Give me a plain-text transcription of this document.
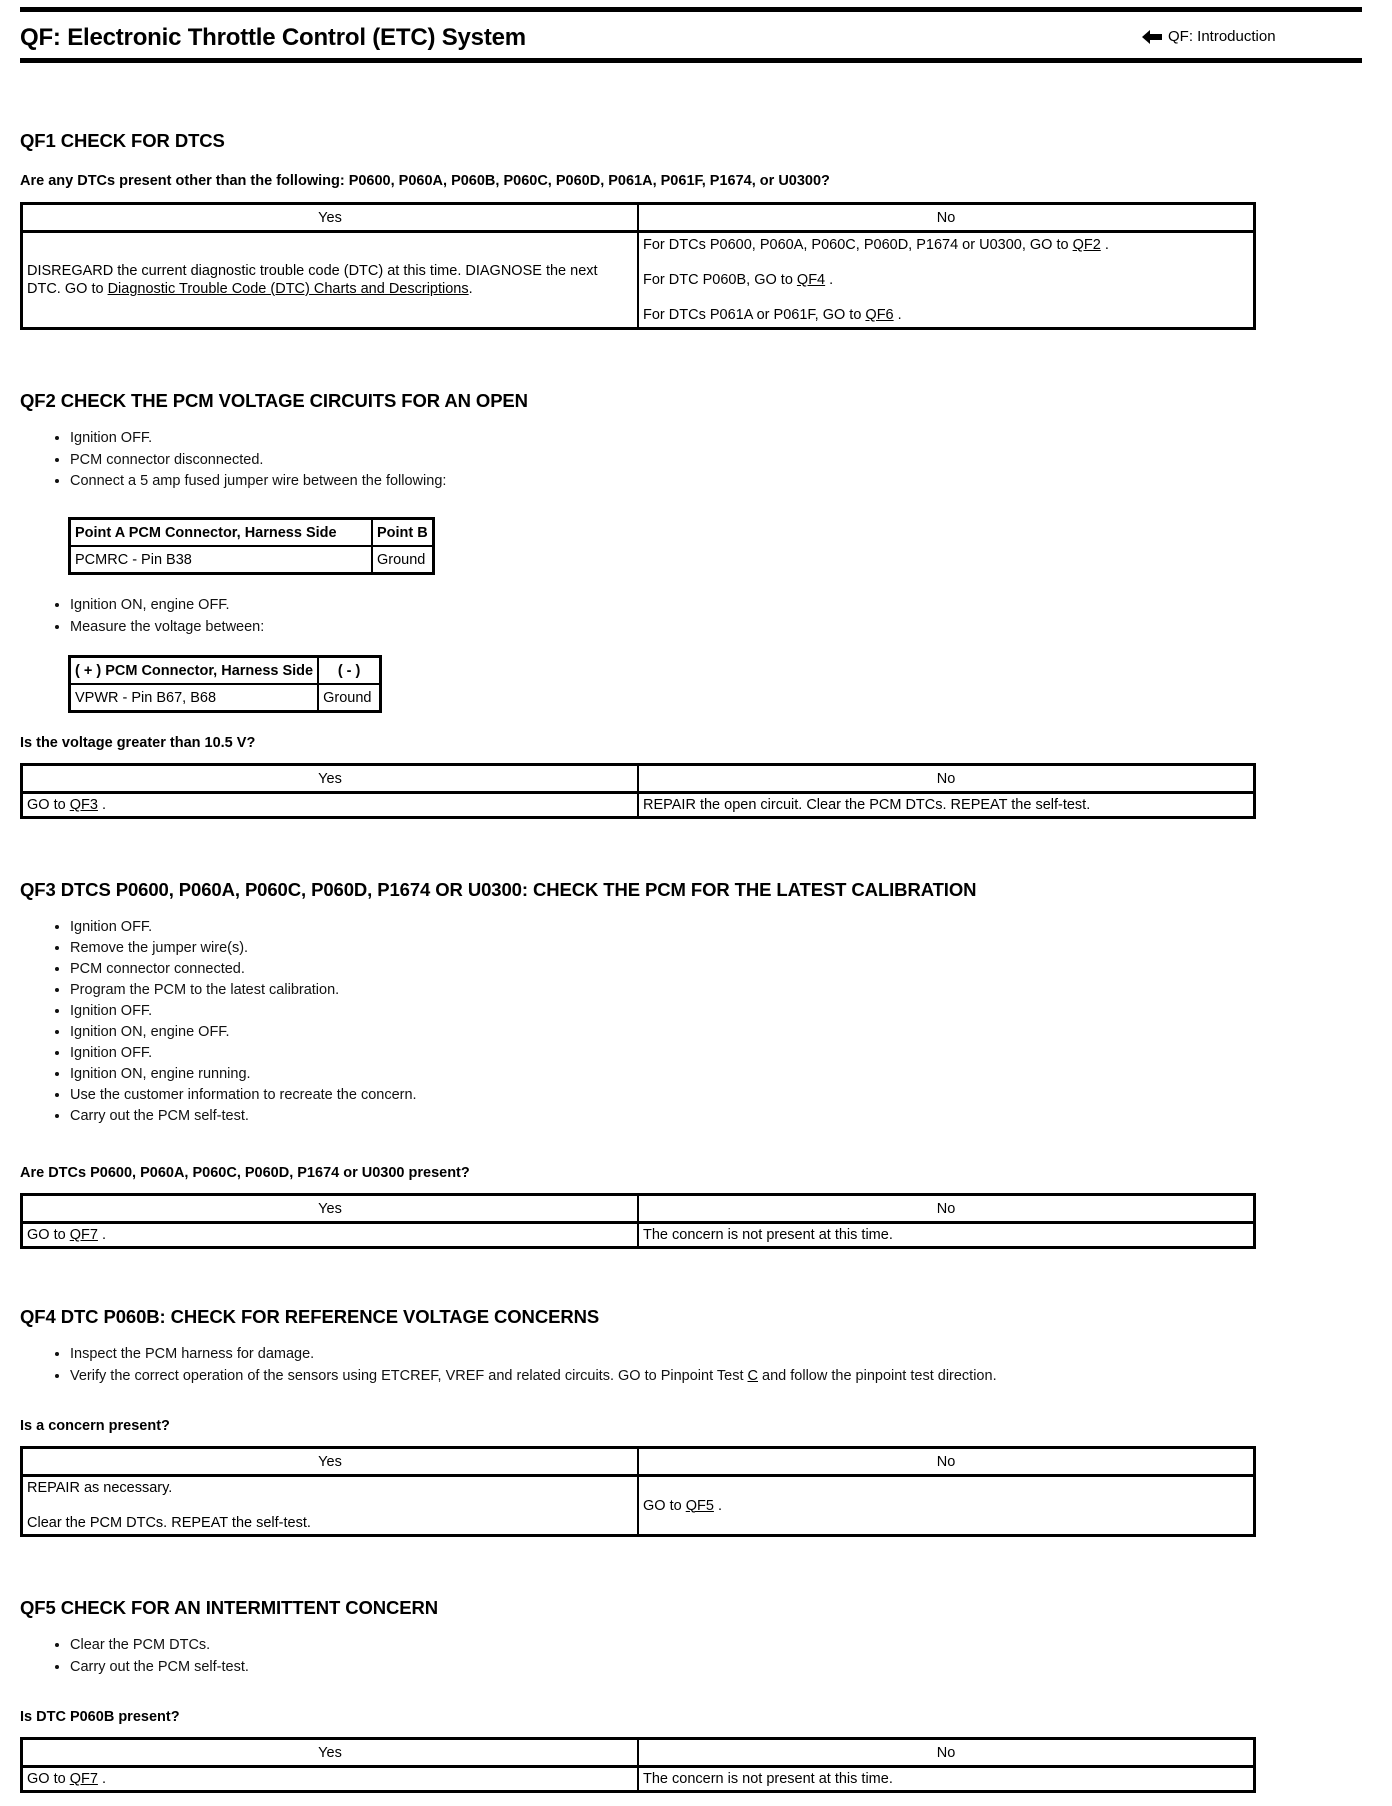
QF: Electronic Throttle Control (ETC) System	QF: Introduction
QF1 CHECK FOR DTCS
Are any DTCs present other than the following: P0600, P060A, P060B, P060C, P060D, P061A, P061F, P1674, or U0300?
Yes	No

DISREGARD the current diagnostic trouble code (DTC) at this time. DIAGNOSE the next DTC. GO to Diagnostic Trouble Code (DTC) Charts and Descriptions.	For DTCs P0600, P060A, P060C, P060D, P1674 or U0300, GO to QF2 .

For DTC P060B, GO to QF4 .

For DTCs P061A or P061F, GO to QF6 .

QF2 CHECK THE PCM VOLTAGE CIRCUITS FOR AN OPEN
• Ignition OFF.
• PCM connector disconnected.
• Connect a 5 amp fused jumper wire between the following:
Point A PCM Connector, Harness Side	Point B
PCMRC - Pin B38	Ground
• Ignition ON, engine OFF.
• Measure the voltage between:
( + ) PCM Connector, Harness Side	( - )
VPWR - Pin B67, B68	Ground
Is the voltage greater than 10.5 V?
Yes	No

GO to QF3 .	REPAIR the open circuit. Clear the PCM DTCs. REPEAT the self-test.

QF3 DTCS P0600, P060A, P060C, P060D, P1674 OR U0300: CHECK THE PCM FOR THE LATEST CALIBRATION
• Ignition OFF.
• Remove the jumper wire(s).
• PCM connector connected.
• Program the PCM to the latest calibration.
• Ignition OFF.
• Ignition ON, engine OFF.
• Ignition OFF.
• Ignition ON, engine running.
• Use the customer information to recreate the concern.
• Carry out the PCM self-test.
Are DTCs P0600, P060A, P060C, P060D, P1674 or U0300 present?
Yes	No

GO to QF7 .	The concern is not present at this time.

QF4 DTC P060B: CHECK FOR REFERENCE VOLTAGE CONCERNS
• Inspect the PCM harness for damage.
• Verify the correct operation of the sensors using ETCREF, VREF and related circuits. GO to Pinpoint Test C and follow the pinpoint test direction.
Is a concern present?
Yes	No

REPAIR as necessary.

Clear the PCM DTCs. REPEAT the self-test.	GO to QF5 .

QF5 CHECK FOR AN INTERMITTENT CONCERN
• Clear the PCM DTCs.
• Carry out the PCM self-test.
Is DTC P060B present?
Yes	No

GO to QF7 .	The concern is not present at this time.
